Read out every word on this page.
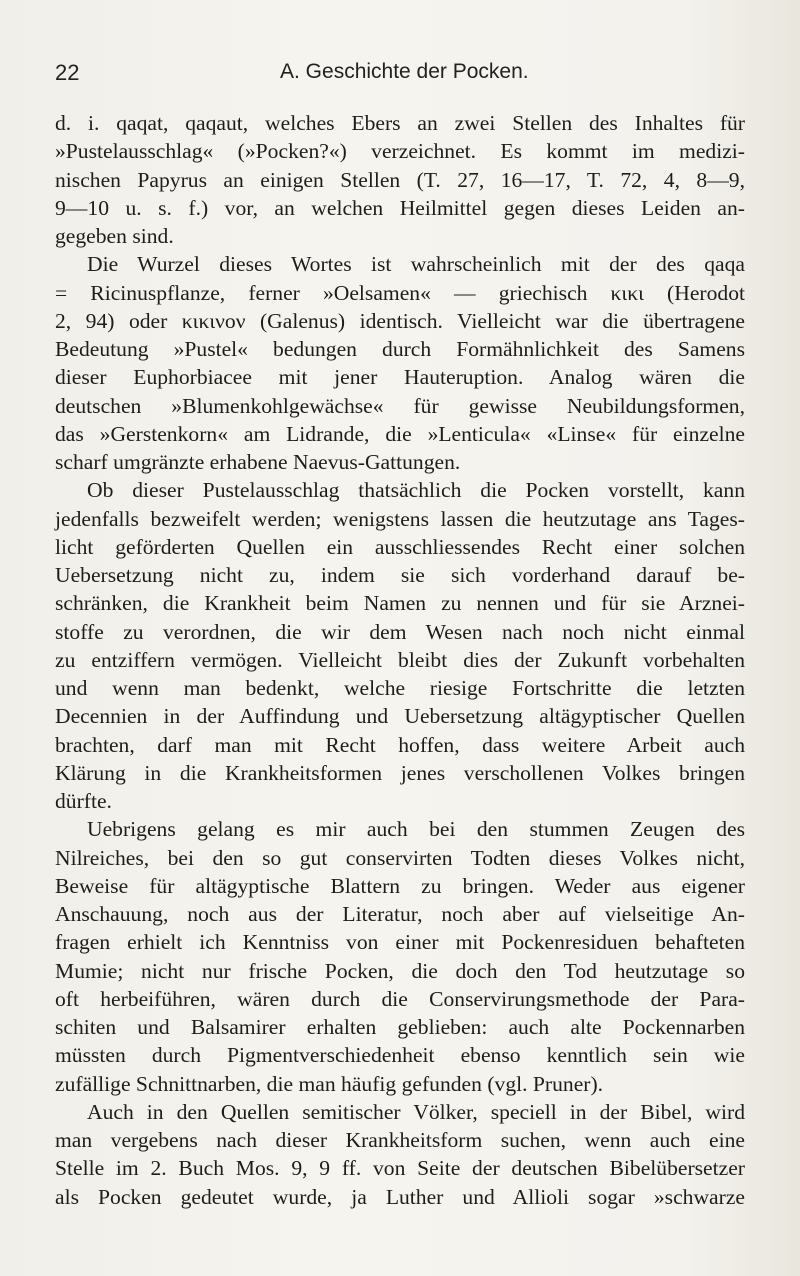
22	A. Geschichte der Pocken.
d. i. qaqat, qaqaut, welches Ebers an zwei Stellen des Inhaltes für
»Pustelausschlag« (»Pocken?«) verzeichnet. Es kommt im medizi-
nischen Papyrus an einigen Stellen (T. 27, 16—17, T. 72, 4, 8—9,
9—10 u. s. f.) vor, an welchen Heilmittel gegen dieses Leiden an-
gegeben sind.
Die Wurzel dieses Wortes ist wahrscheinlich mit der des qaqa
= Ricinuspflanze, ferner »Oelsamen« — griechisch κικι (Herodot
2, 94) oder κικινον (Galenus) identisch. Vielleicht war die übertragene
Bedeutung »Pustel« bedungen durch Formähnlichkeit des Samens
dieser Euphorbiacee mit jener Hauteruption. Analog wären die
deutschen »Blumenkohlgewächse« für gewisse Neubildungsformen,
das »Gerstenkorn« am Lidrande, die »Lenticula« «Linse« für einzelne
scharf umgränzte erhabene Naevus-Gattungen.
Ob dieser Pustelausschlag thatsächlich die Pocken vorstellt, kann
jedenfalls bezweifelt werden; wenigstens lassen die heutzutage ans Tages-
licht geförderten Quellen ein ausschliessendes Recht einer solchen
Uebersetzung nicht zu, indem sie sich vorderhand darauf be-
schränken, die Krankheit beim Namen zu nennen und für sie Arznei-
stoffe zu verordnen, die wir dem Wesen nach noch nicht einmal
zu entziffern vermögen. Vielleicht bleibt dies der Zukunft vorbehalten
und wenn man bedenkt, welche riesige Fortschritte die letzten
Decennien in der Auffindung und Uebersetzung altägyptischer Quellen
brachten, darf man mit Recht hoffen, dass weitere Arbeit auch
Klärung in die Krankheitsformen jenes verschollenen Volkes bringen
dürfte.
Uebrigens gelang es mir auch bei den stummen Zeugen des
Nilreiches, bei den so gut conservirten Todten dieses Volkes nicht,
Beweise für altägyptische Blattern zu bringen. Weder aus eigener
Anschauung, noch aus der Literatur, noch aber auf vielseitige An-
fragen erhielt ich Kenntniss von einer mit Pockenresiduen behafteten
Mumie; nicht nur frische Pocken, die doch den Tod heutzutage so
oft herbeiführen, wären durch die Conservirungsmethode der Para-
schiten und Balsamirer erhalten geblieben: auch alte Pockennarben
müssten durch Pigmentverschiedenheit ebenso kenntlich sein wie
zufällige Schnittnarben, die man häufig gefunden (vgl. Pruner).
Auch in den Quellen semitischer Völker, speciell in der Bibel, wird
man vergebens nach dieser Krankheitsform suchen, wenn auch eine
Stelle im 2. Buch Mos. 9, 9 ff. von Seite der deutschen Bibelübersetzer
als Pocken gedeutet wurde, ja Luther und Allioli sogar »schwarze
